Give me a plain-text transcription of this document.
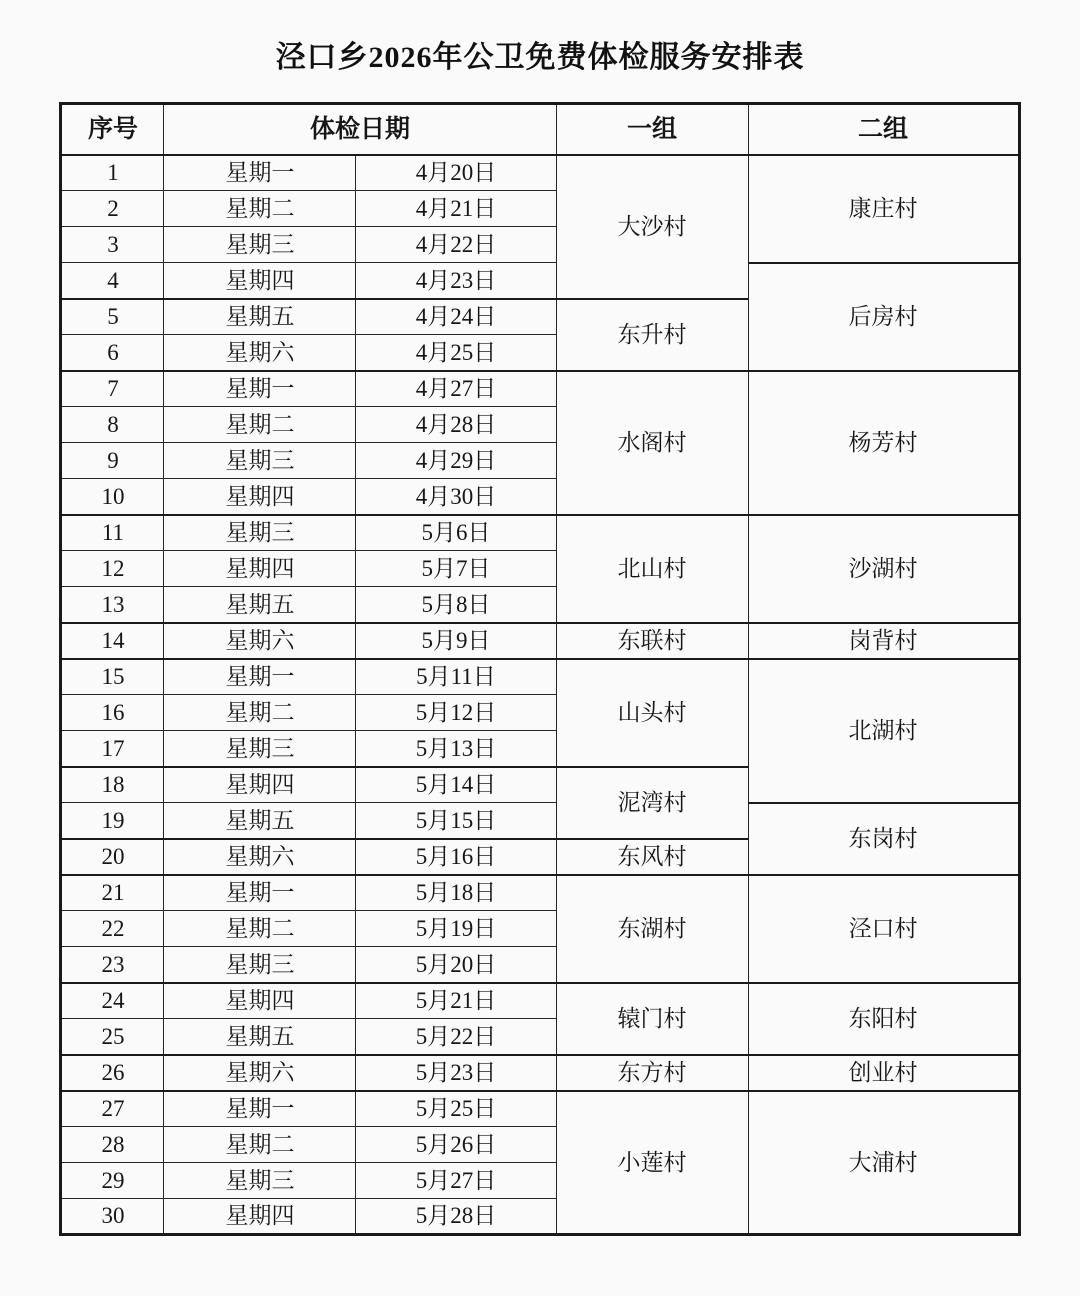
泾口乡2026年公卫免费体检服务安排表
序号	体检日期		一组	二组
1	星期一	4月20日	大沙村	康庄村
2	星期二	4月21日		
3	星期三	4月22日		
4	星期四	4月23日		后房村
5	星期五	4月24日	东升村	
6	星期六	4月25日		
7	星期一	4月27日	水阁村	杨芳村
8	星期二	4月28日		
9	星期三	4月29日		
10	星期四	4月30日		
11	星期三	5月6日	北山村	沙湖村
12	星期四	5月7日		
13	星期五	5月8日		
14	星期六	5月9日	东联村	岗背村
15	星期一	5月11日	山头村	北湖村
16	星期二	5月12日		
17	星期三	5月13日		
18	星期四	5月14日	泥湾村	
19	星期五	5月15日		东岗村
20	星期六	5月16日	东风村	
21	星期一	5月18日	东湖村	泾口村
22	星期二	5月19日		
23	星期三	5月20日		
24	星期四	5月21日	辕门村	东阳村
25	星期五	5月22日		
26	星期六	5月23日	东方村	创业村
27	星期一	5月25日	小莲村	大浦村
28	星期二	5月26日		
29	星期三	5月27日		
30	星期四	5月28日		
